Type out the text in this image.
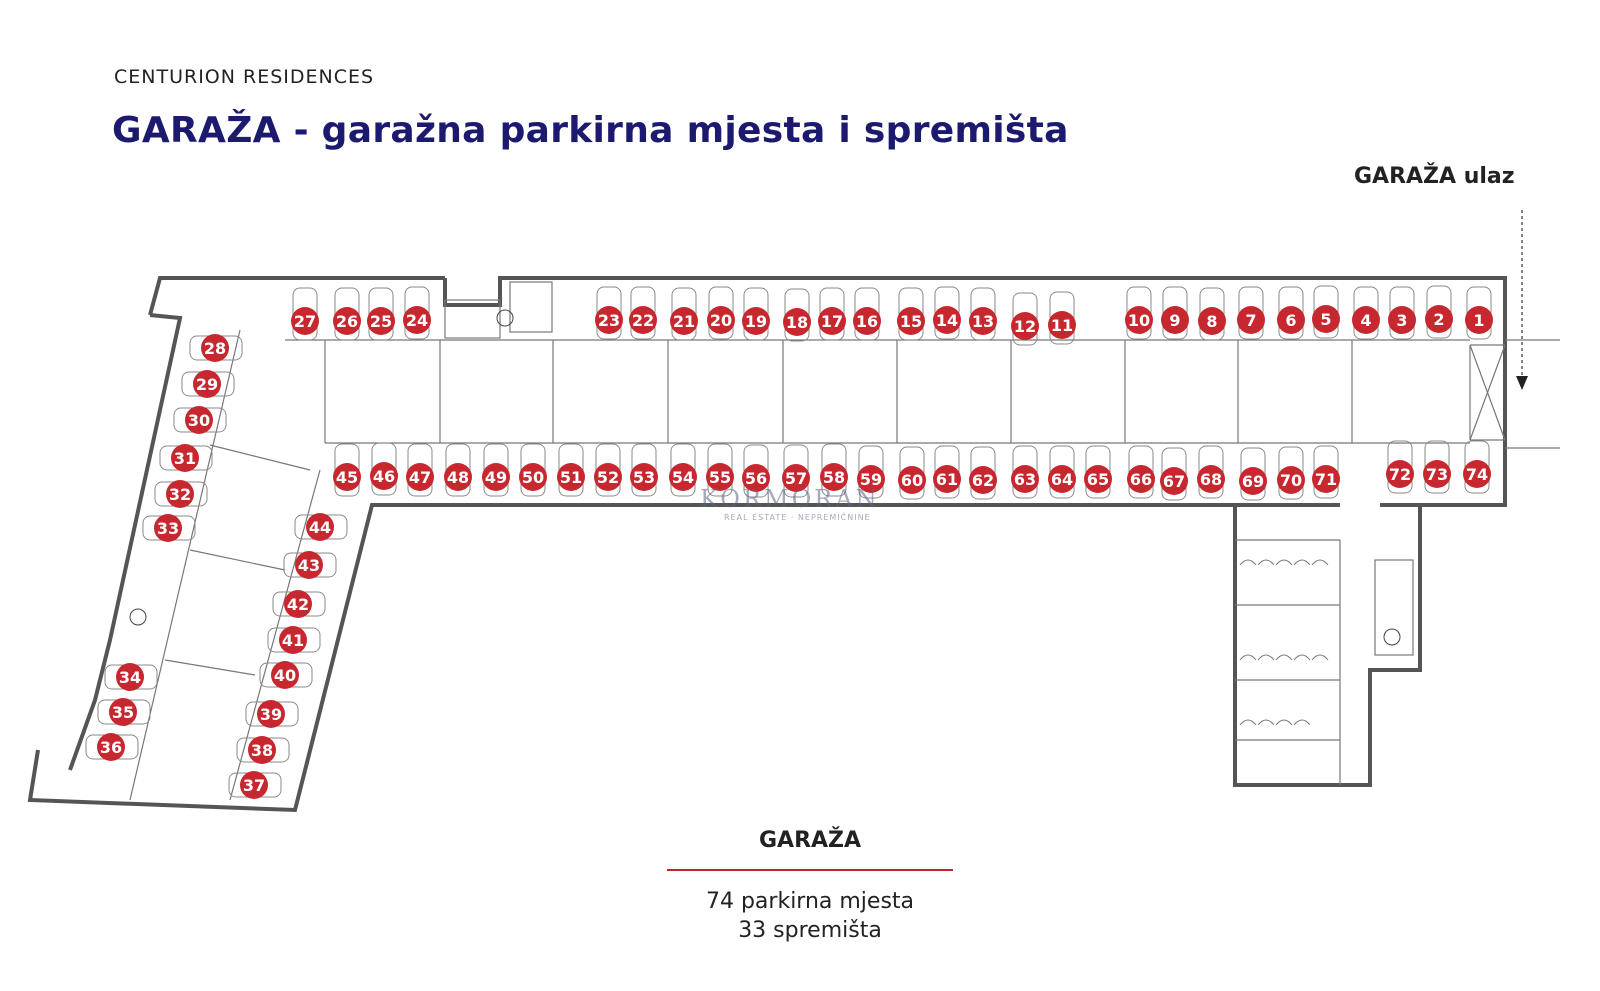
CENTURION RESIDENCES
GARAŽA - garažna parkirna mjesta i spremišta
GARAŽA ulaz
1
2
3
4
5
6
7
8
9
10
11
12
13
14
15
16
17
18
19
20
21
22
23
24
25
26
27
28
29
30
31
32
33
34
35
36
37
38
39
40
41
42
43
44
45 46 47 48 49 50 51 52 53 54 55 56 57 58 59 60 61 62 63 64 65 66 67 68 69 70 71	72 73 74
KORMORAN
REAL ESTATE · NEPREMIČNINE
GARAŽA
74 parkirna mjesta
33 spremišta
